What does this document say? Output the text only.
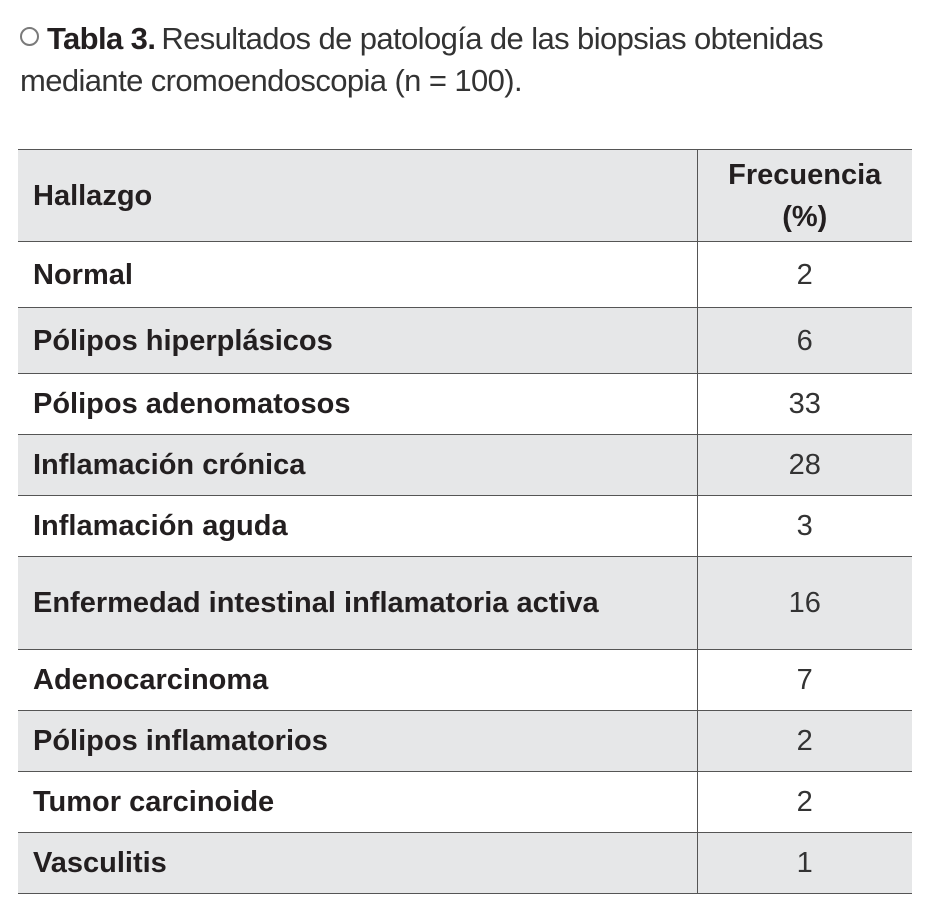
Tabla 3. Resultados de patología de las biopsias obtenidas mediante cromoendoscopia (n = 100).
Hallazgo	Frecuencia
(%)
Normal	2
Pólipos hiperplásicos	6
Pólipos adenomatosos	33
Inflamación crónica	28
Inflamación aguda	3
Enfermedad intestinal inflamatoria activa	16
Adenocarcinoma	7
Pólipos inflamatorios	2
Tumor carcinoide	2
Vasculitis	1
